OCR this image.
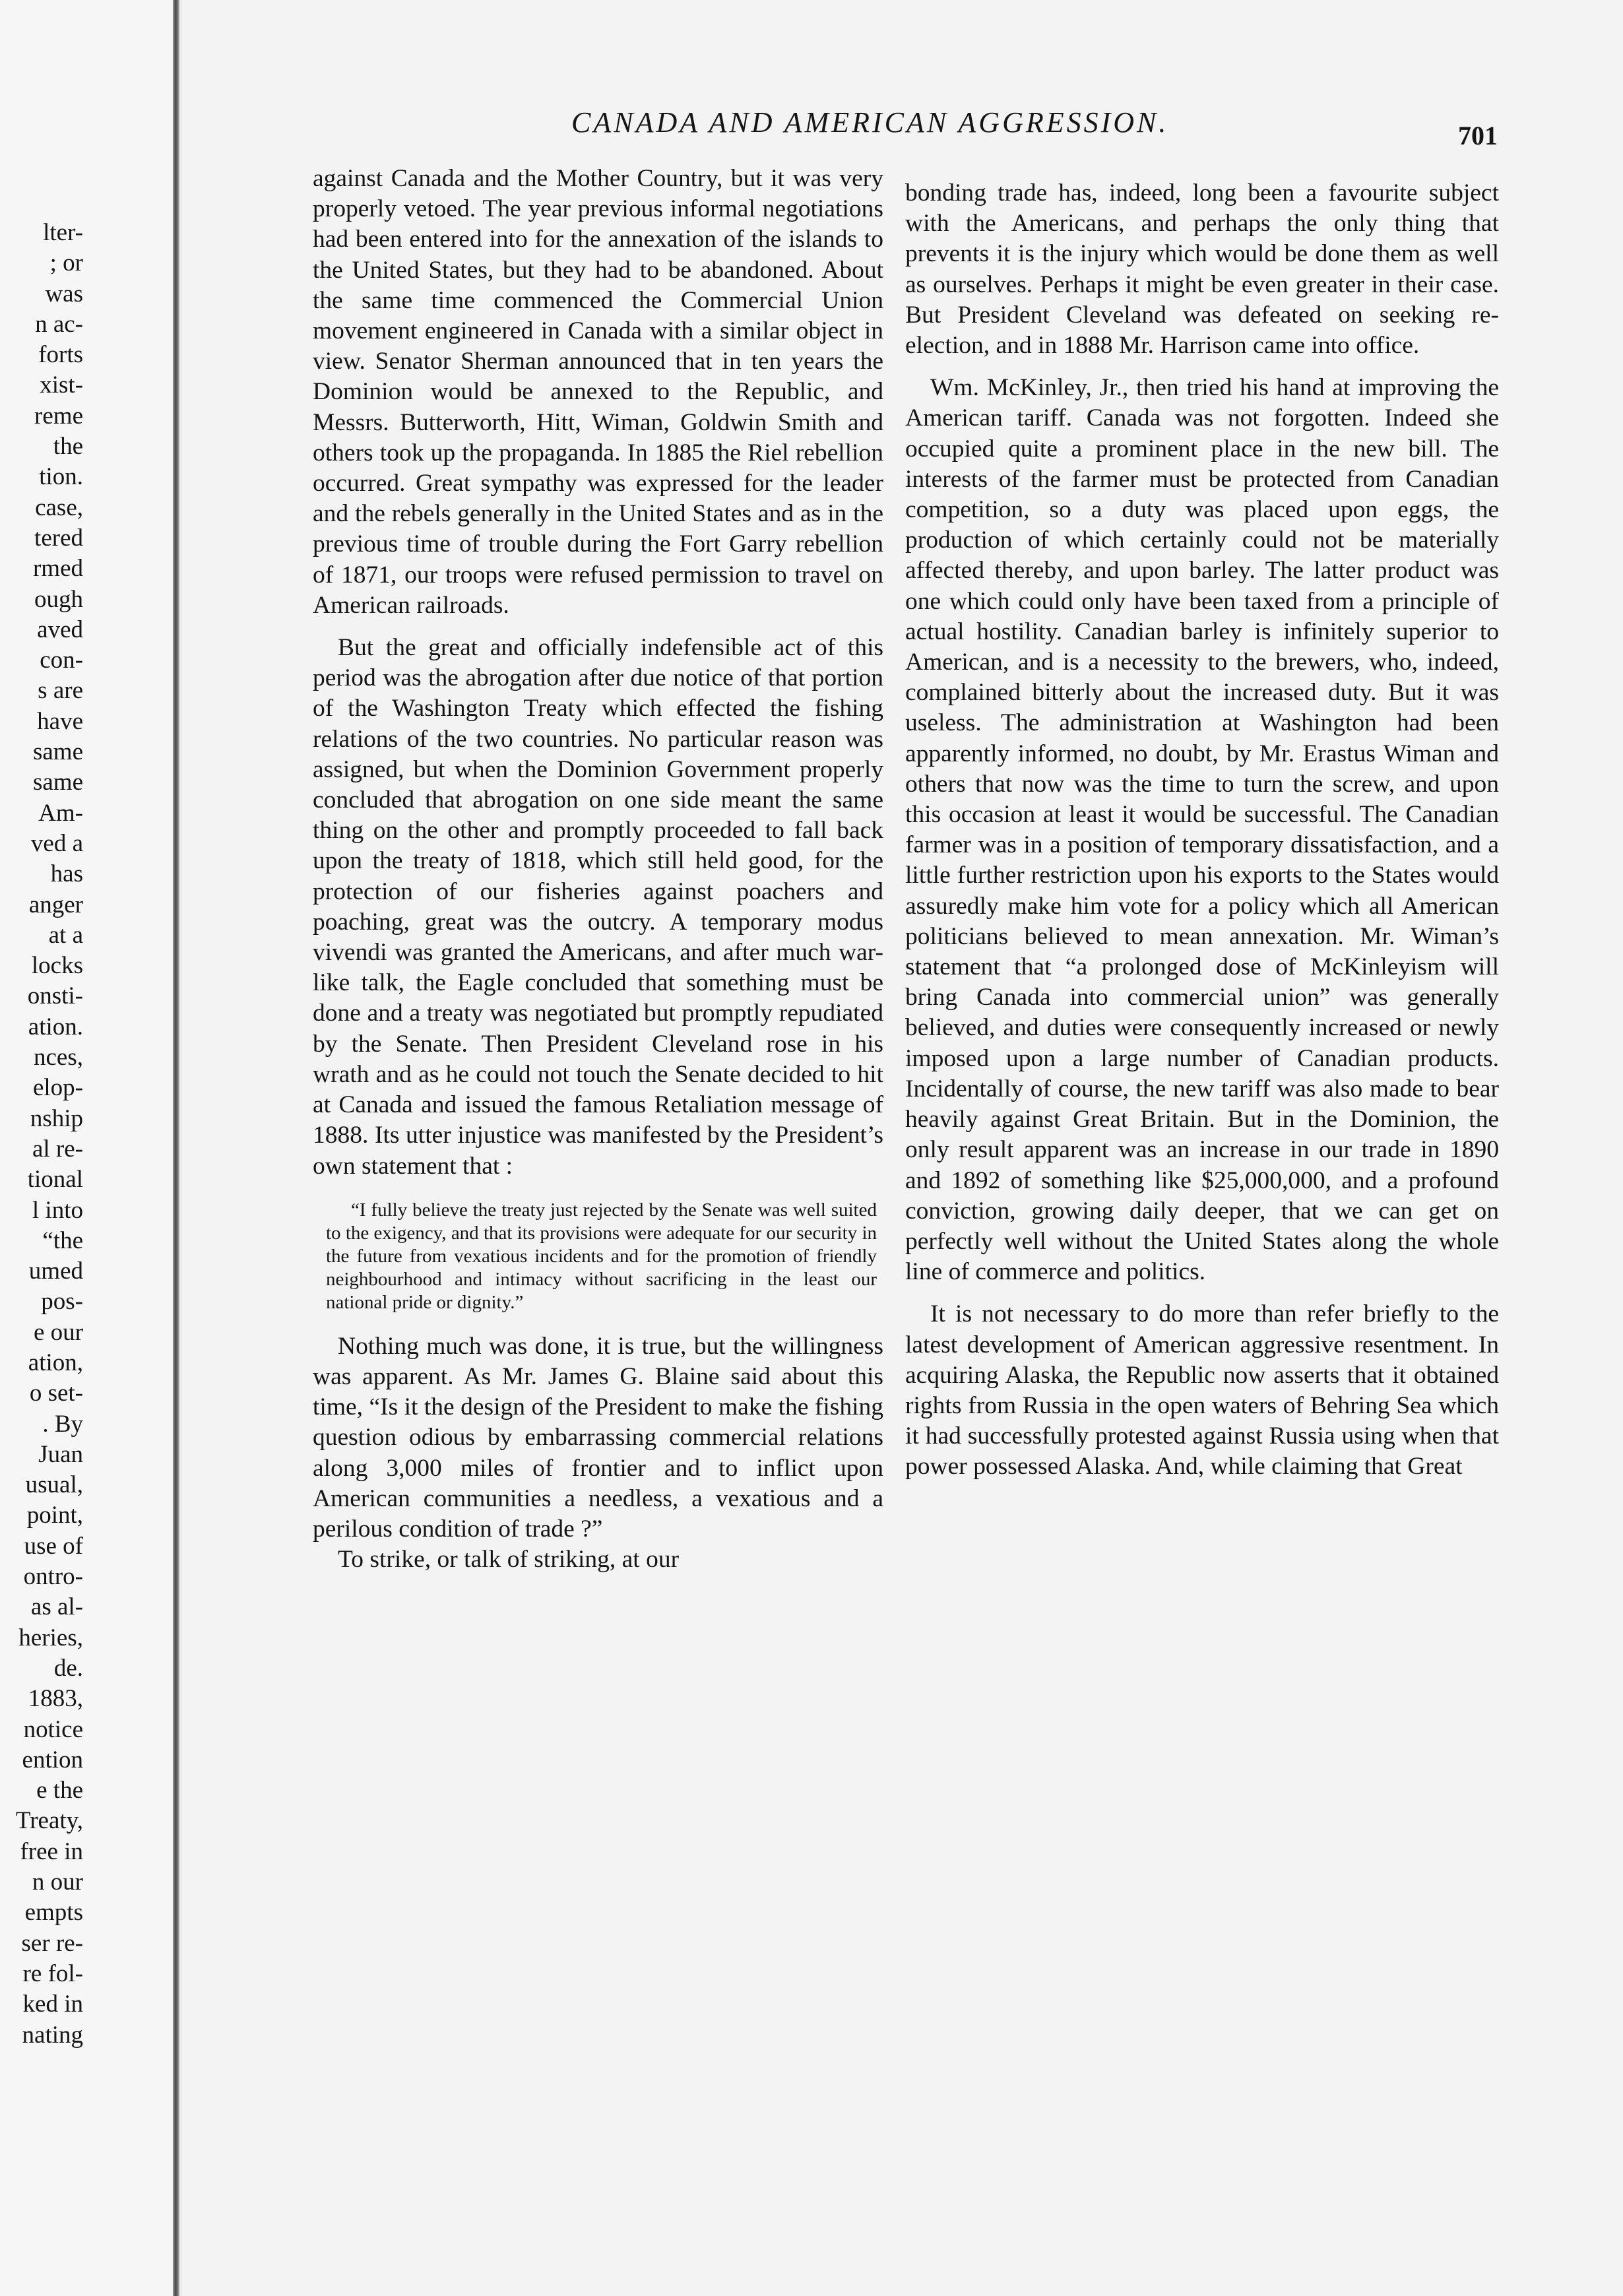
lter-
; or
was
n ac-
forts
xist-
reme
the
tion.
case,
tered
rmed
ough
aved
con-
s are
have
same
same
Am-
ved a
has
anger
at a
locks
onsti-
ation.
nces,
elop-
nship
al re-
tional
l into
“the
umed
pos-
e our
ation,
o set-
. By
Juan
usual,
point,
use of
ontro-
as al-
heries,
de.
1883,
notice
ention
e the
Treaty,
free in
n our
empts
ser re-
re fol-
ked in
nating
CANADA AND AMERICAN AGGRESSION.	701

against Canada and the Mother Country, but it was very properly vetoed. The year previous informal negotiations had been entered into for the annexation of the islands to the United States, but they had to be abandoned. About the same time commenced the Commercial Union movement engineered in Canada with a similar object in view. Senator Sherman announced that in ten years the Dominion would be annexed to the Republic, and Messrs. Butterworth, Hitt, Wiman, Goldwin Smith and others took up the propaganda. In 1885 the Riel rebellion occurred. Great sympathy was expressed for the leader and the rebels generally in the United States and as in the previous time of trouble during the Fort Garry rebellion of 1871, our troops were refused permission to travel on American railroads.

But the great and officially indefensible act of this period was the abrogation after due notice of that portion of the Washington Treaty which effected the fishing relations of the two countries. No particular reason was assigned, but when the Dominion Government properly concluded that abrogation on one side meant the same thing on the other and promptly proceeded to fall back upon the treaty of 1818, which still held good, for the protection of our fisheries against poachers and poaching, great was the outcry. A temporary modus vivendi was granted the Americans, and after much war-like talk, the Eagle concluded that something must be done and a treaty was negotiated but promptly repudiated by the Senate. Then President Cleveland rose in his wrath and as he could not touch the Senate decided to hit at Canada and issued the famous Retaliation message of 1888. Its utter injustice was manifested by the President’s own statement that :

“I fully believe the treaty just rejected by the Senate was well suited to the exigency, and that its provisions were adequate for our security in the future from vexatious incidents and for the promotion of friendly neighbourhood and intimacy without sacrificing in the least our national pride or dignity.”

Nothing much was done, it is true, but the willingness was apparent. As Mr. James G. Blaine said about this time, “Is it the design of the President to make the fishing question odious by embarrassing commercial relations along 3,000 miles of frontier and to inflict upon American communities a needless, a vexatious and a perilous condition of trade ?”

To strike, or talk of striking, at our

bonding trade has, indeed, long been a favourite subject with the Americans, and perhaps the only thing that prevents it is the injury which would be done them as well as ourselves. Perhaps it might be even greater in their case. But President Cleveland was defeated on seeking re-election, and in 1888 Mr. Harrison came into office.

Wm. McKinley, Jr., then tried his hand at improving the American tariff. Canada was not forgotten. Indeed she occupied quite a prominent place in the new bill. The interests of the farmer must be protected from Canadian competition, so a duty was placed upon eggs, the production of which certainly could not be materially affected thereby, and upon barley. The latter product was one which could only have been taxed from a principle of actual hostility. Canadian barley is infinitely superior to American, and is a necessity to the brewers, who, indeed, complained bitterly about the increased duty. But it was useless. The administration at Washington had been apparently informed, no doubt, by Mr. Erastus Wiman and others that now was the time to turn the screw, and upon this occasion at least it would be successful. The Canadian farmer was in a position of temporary dissatisfaction, and a little further restriction upon his exports to the States would assuredly make him vote for a policy which all American politicians believed to mean annexation. Mr. Wiman’s statement that “a prolonged dose of McKinleyism will bring Canada into commercial union” was generally believed, and duties were consequently increased or newly imposed upon a large number of Canadian products. Incidentally of course, the new tariff was also made to bear heavily against Great Britain. But in the Dominion, the only result apparent was an increase in our trade in 1890 and 1892 of something like $25,000,000, and a profound conviction, growing daily deeper, that we can get on perfectly well without the United States along the whole line of commerce and politics.

It is not necessary to do more than refer briefly to the latest development of American aggressive resentment. In acquiring Alaska, the Republic now asserts that it obtained rights from Russia in the open waters of Behring Sea which it had successfully protested against Russia using when that power possessed Alaska. And, while claiming that Great
